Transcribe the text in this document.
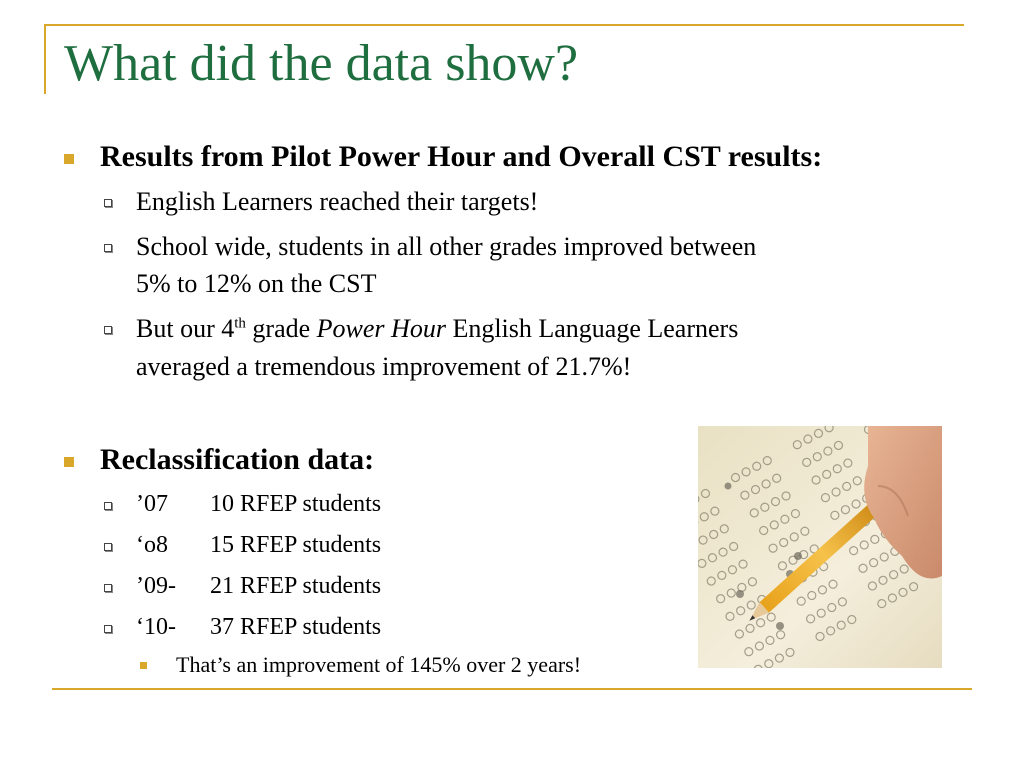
What did the data show?
Results from Pilot Power Hour and Overall CST results:
English Learners reached their targets!
School wide, students in all other grades improved between
5% to 12% on the CST
But our 4th grade Power Hour English Language Learners
averaged a tremendous improvement of 21.7%!
Reclassification data:
’07 10 RFEP students
‘o8 15 RFEP students
’09- 21 RFEP students
‘10- 37 RFEP students
That’s an improvement of 145% over 2 years!
